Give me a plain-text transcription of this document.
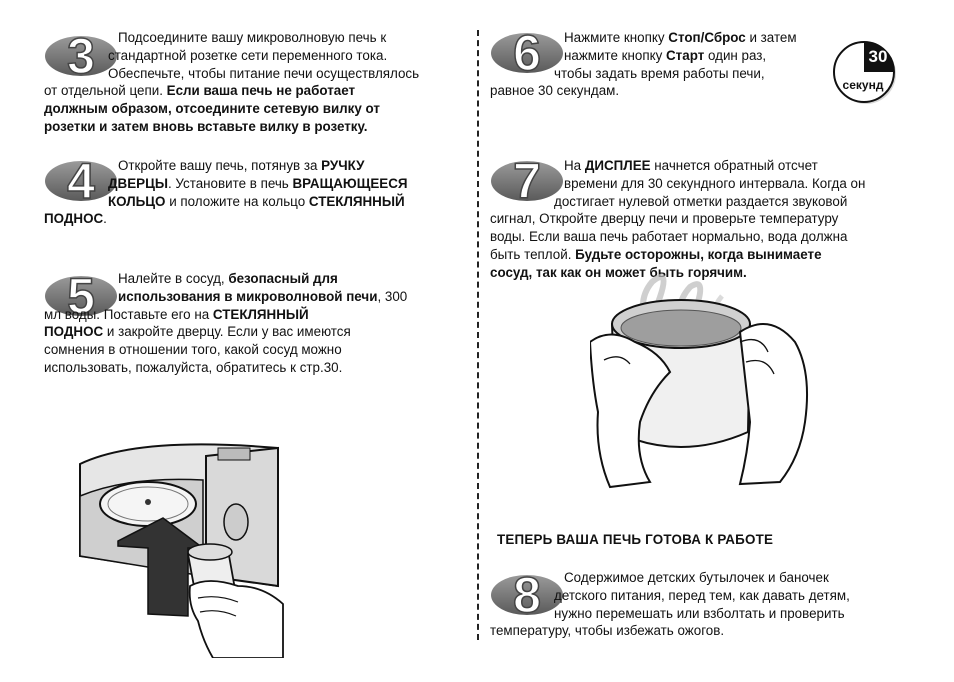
3	Подсоедините вашу микроволновую печь к

стандартной розетке сети переменного тока.

Обеспечьте, чтобы питание печи осуществлялось

от отдельной цепи. Если ваша печь не работает

должным образом, отсоедините сетевую вилку от

розетки и затем вновь вставьте вилку в розетку.

4	Откройте вашу печь, потянув за РУЧКУ

ДВЕРЦЫ. Установите в печь ВРАЩАЮЩЕЕСЯ

КОЛЬЦО и положите на кольцо СТЕКЛЯННЫЙ

ПОДНОС.

5	Налейте в сосуд, безопасный для

использования в микроволновой печи, 300

мл воды. Поставьте его на СТЕКЛЯННЫЙ

ПОДНОС и закройте дверцу. Если у вас имеются

сомнения в отношении того, какой сосуд можно

использовать, пожалуйста, обратитесь к стр.30.

6	Нажмите кнопку Стоп/Сброс и затем

нажмите кнопку Старт один раз,

чтобы задать время работы печи,

равное 30 секундам.

30
секунд
7	На ДИСПЛЕЕ начнется обратный отсчет

времени для 30 секундного интервала. Когда он

достигает нулевой отметки раздается звуковой

сигнал, Откройте дверцу печи и проверьте температуру

воды. Если ваша печь работает нормально, вода должна

быть теплой. Будьте осторожны, когда вынимаете

сосуд, так как он может быть горячим.

ТЕПЕРЬ ВАША ПЕЧЬ ГОТОВА К РАБОТЕ
8	Содержимое детских бутылочек и баночек

детского питания, перед тем, как давать детям,

нужно перемешать или взболтать и проверить

температуру, чтобы избежать ожогов.
